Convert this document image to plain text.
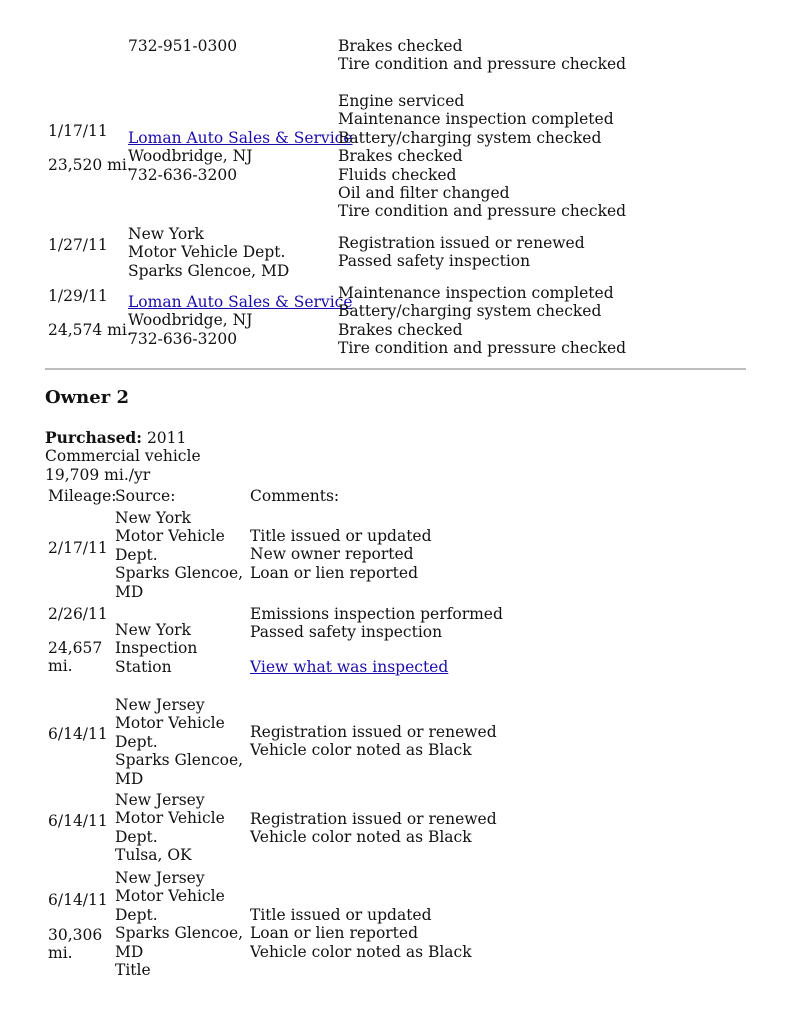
732-951-0300	Brakes checked
Tire condition and pressure checked
1/17/11
23,520 mi.
Loman Auto Sales & Service
Woodbridge, NJ
732-636-3200
Engine serviced
Maintenance inspection completed
Battery/charging system checked
Brakes checked
Fluids checked
Oil and filter changed
Tire condition and pressure checked
1/27/11
New York
Motor Vehicle Dept.
Sparks Glencoe, MD
Registration issued or renewed
Passed safety inspection
1/29/11
24,574 mi.
Loman Auto Sales & Service
Woodbridge, NJ
732-636-3200
Maintenance inspection completed
Battery/charging system checked
Brakes checked
Tire condition and pressure checked
Owner 2
Purchased: 2011
Commercial vehicle
19,709 mi./yr
Mileage:
Source:	Comments:
2/17/11
New York
Motor Vehicle
Dept.
Sparks Glencoe,
MD
Title issued or updated
New owner reported
Loan or lien reported
2/26/11
24,657
mi.
New York
Inspection
Station
Emissions inspection performed
Passed safety inspection
View what was inspected
6/14/11
New Jersey
Motor Vehicle
Dept.
Sparks Glencoe,
MD
Registration issued or renewed
Vehicle color noted as Black
6/14/11
New Jersey
Motor Vehicle
Dept.
Tulsa, OK
Registration issued or renewed
Vehicle color noted as Black
6/14/11
30,306
mi.
New Jersey
Motor Vehicle
Dept.
Sparks Glencoe,
MD
Title
Title issued or updated
Loan or lien reported
Vehicle color noted as Black
